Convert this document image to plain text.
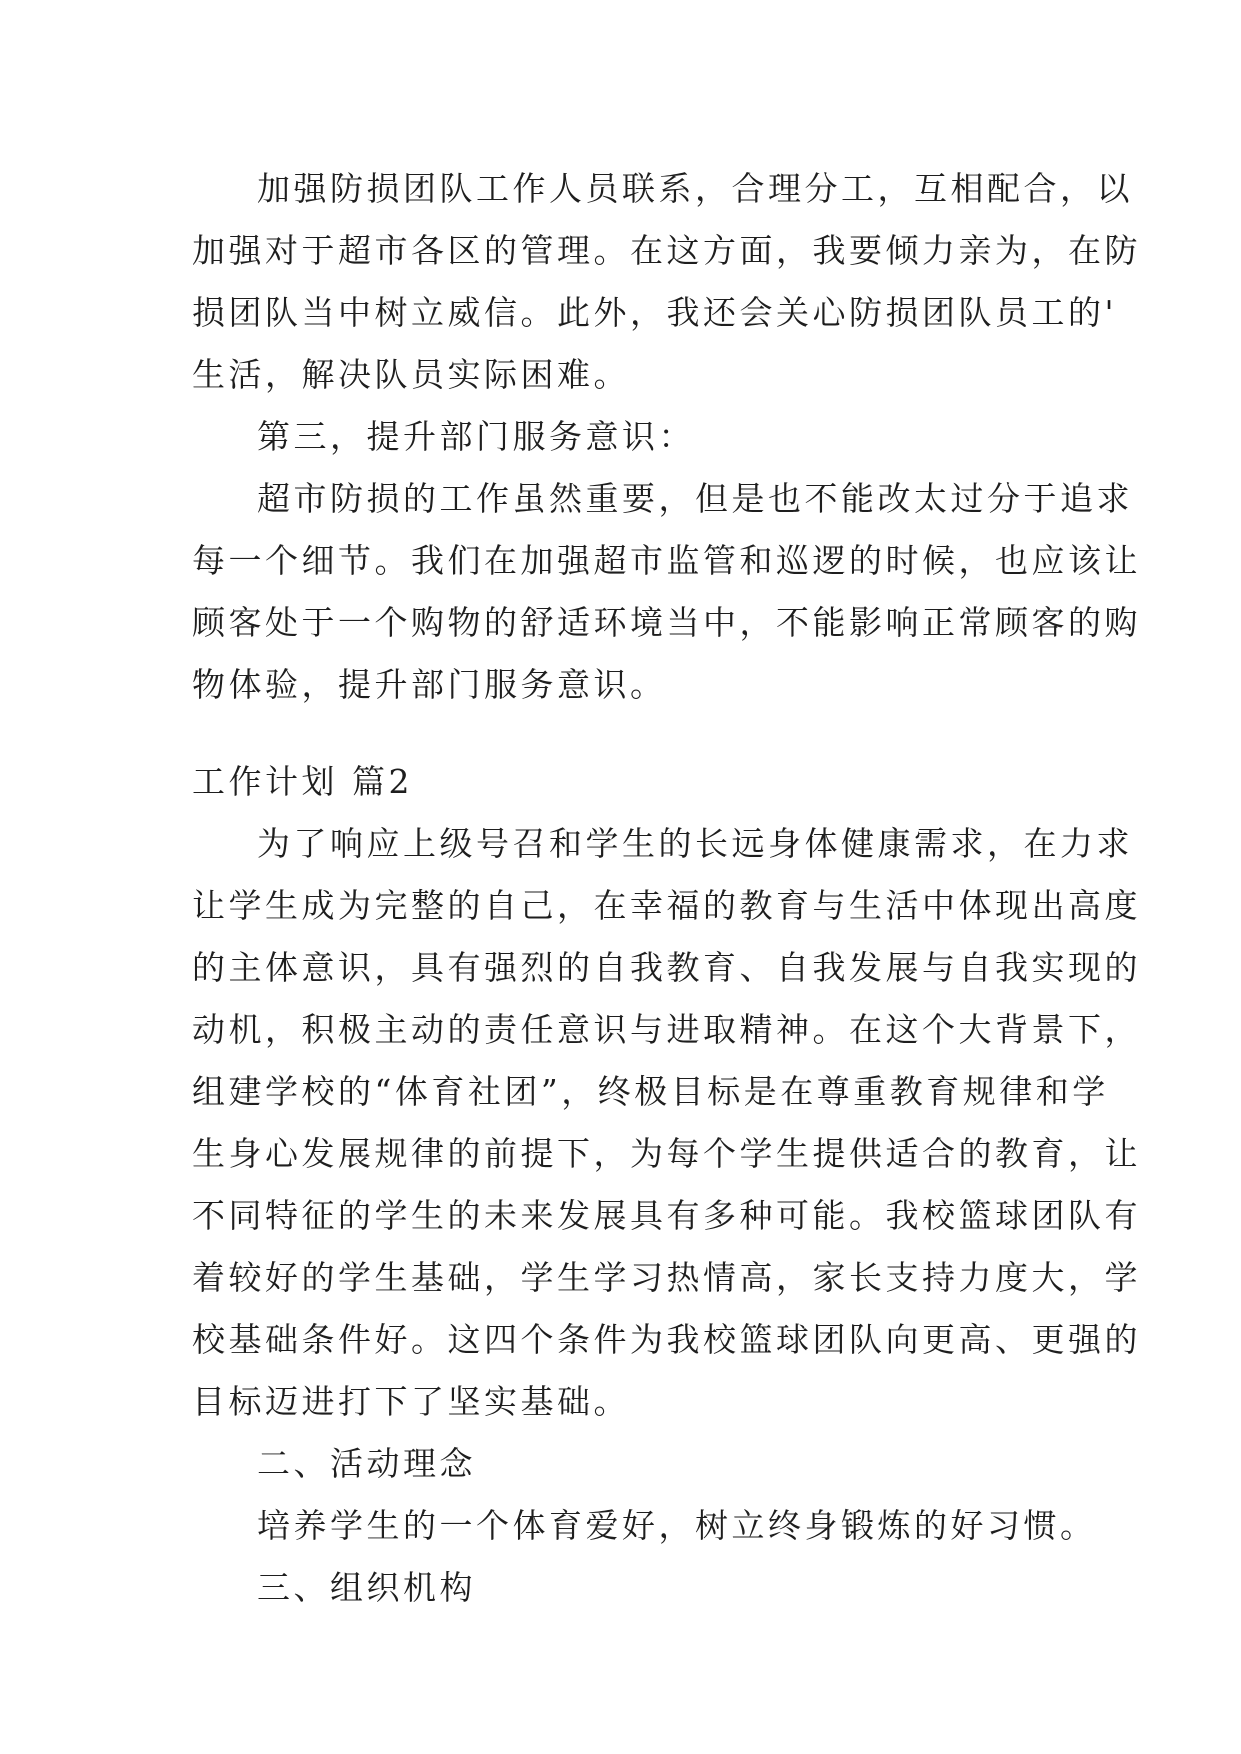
加强防损团队工作人员联系，合理分工，互相配合，以
加强对于超市各区的管理。在这方面，我要倾力亲为，在防
损团队当中树立威信。此外，我还会关心防损团队员工的'
生活，解决队员实际困难。
第三，提升部门服务意识：
超市防损的工作虽然重要，但是也不能改太过分于追求
每一个细节。我们在加强超市监管和巡逻的时候，也应该让
顾客处于一个购物的舒适环境当中，不能影响正常顾客的购
物体验，提升部门服务意识。
工作计划 篇2
为了响应上级号召和学生的长远身体健康需求，在力求
让学生成为完整的自己，在幸福的教育与生活中体现出高度
的主体意识，具有强烈的自我教育、自我发展与自我实现的
动机，积极主动的责任意识与进取精神。在这个大背景下，
组建学校的“体育社团”，终极目标是在尊重教育规律和学
生身心发展规律的前提下，为每个学生提供适合的教育，让
不同特征的学生的未来发展具有多种可能。我校篮球团队有
着较好的学生基础，学生学习热情高，家长支持力度大，学
校基础条件好。这四个条件为我校篮球团队向更高、更强的
目标迈进打下了坚实基础。
二、活动理念
培养学生的一个体育爱好，树立终身锻炼的好习惯。
三、组织机构
